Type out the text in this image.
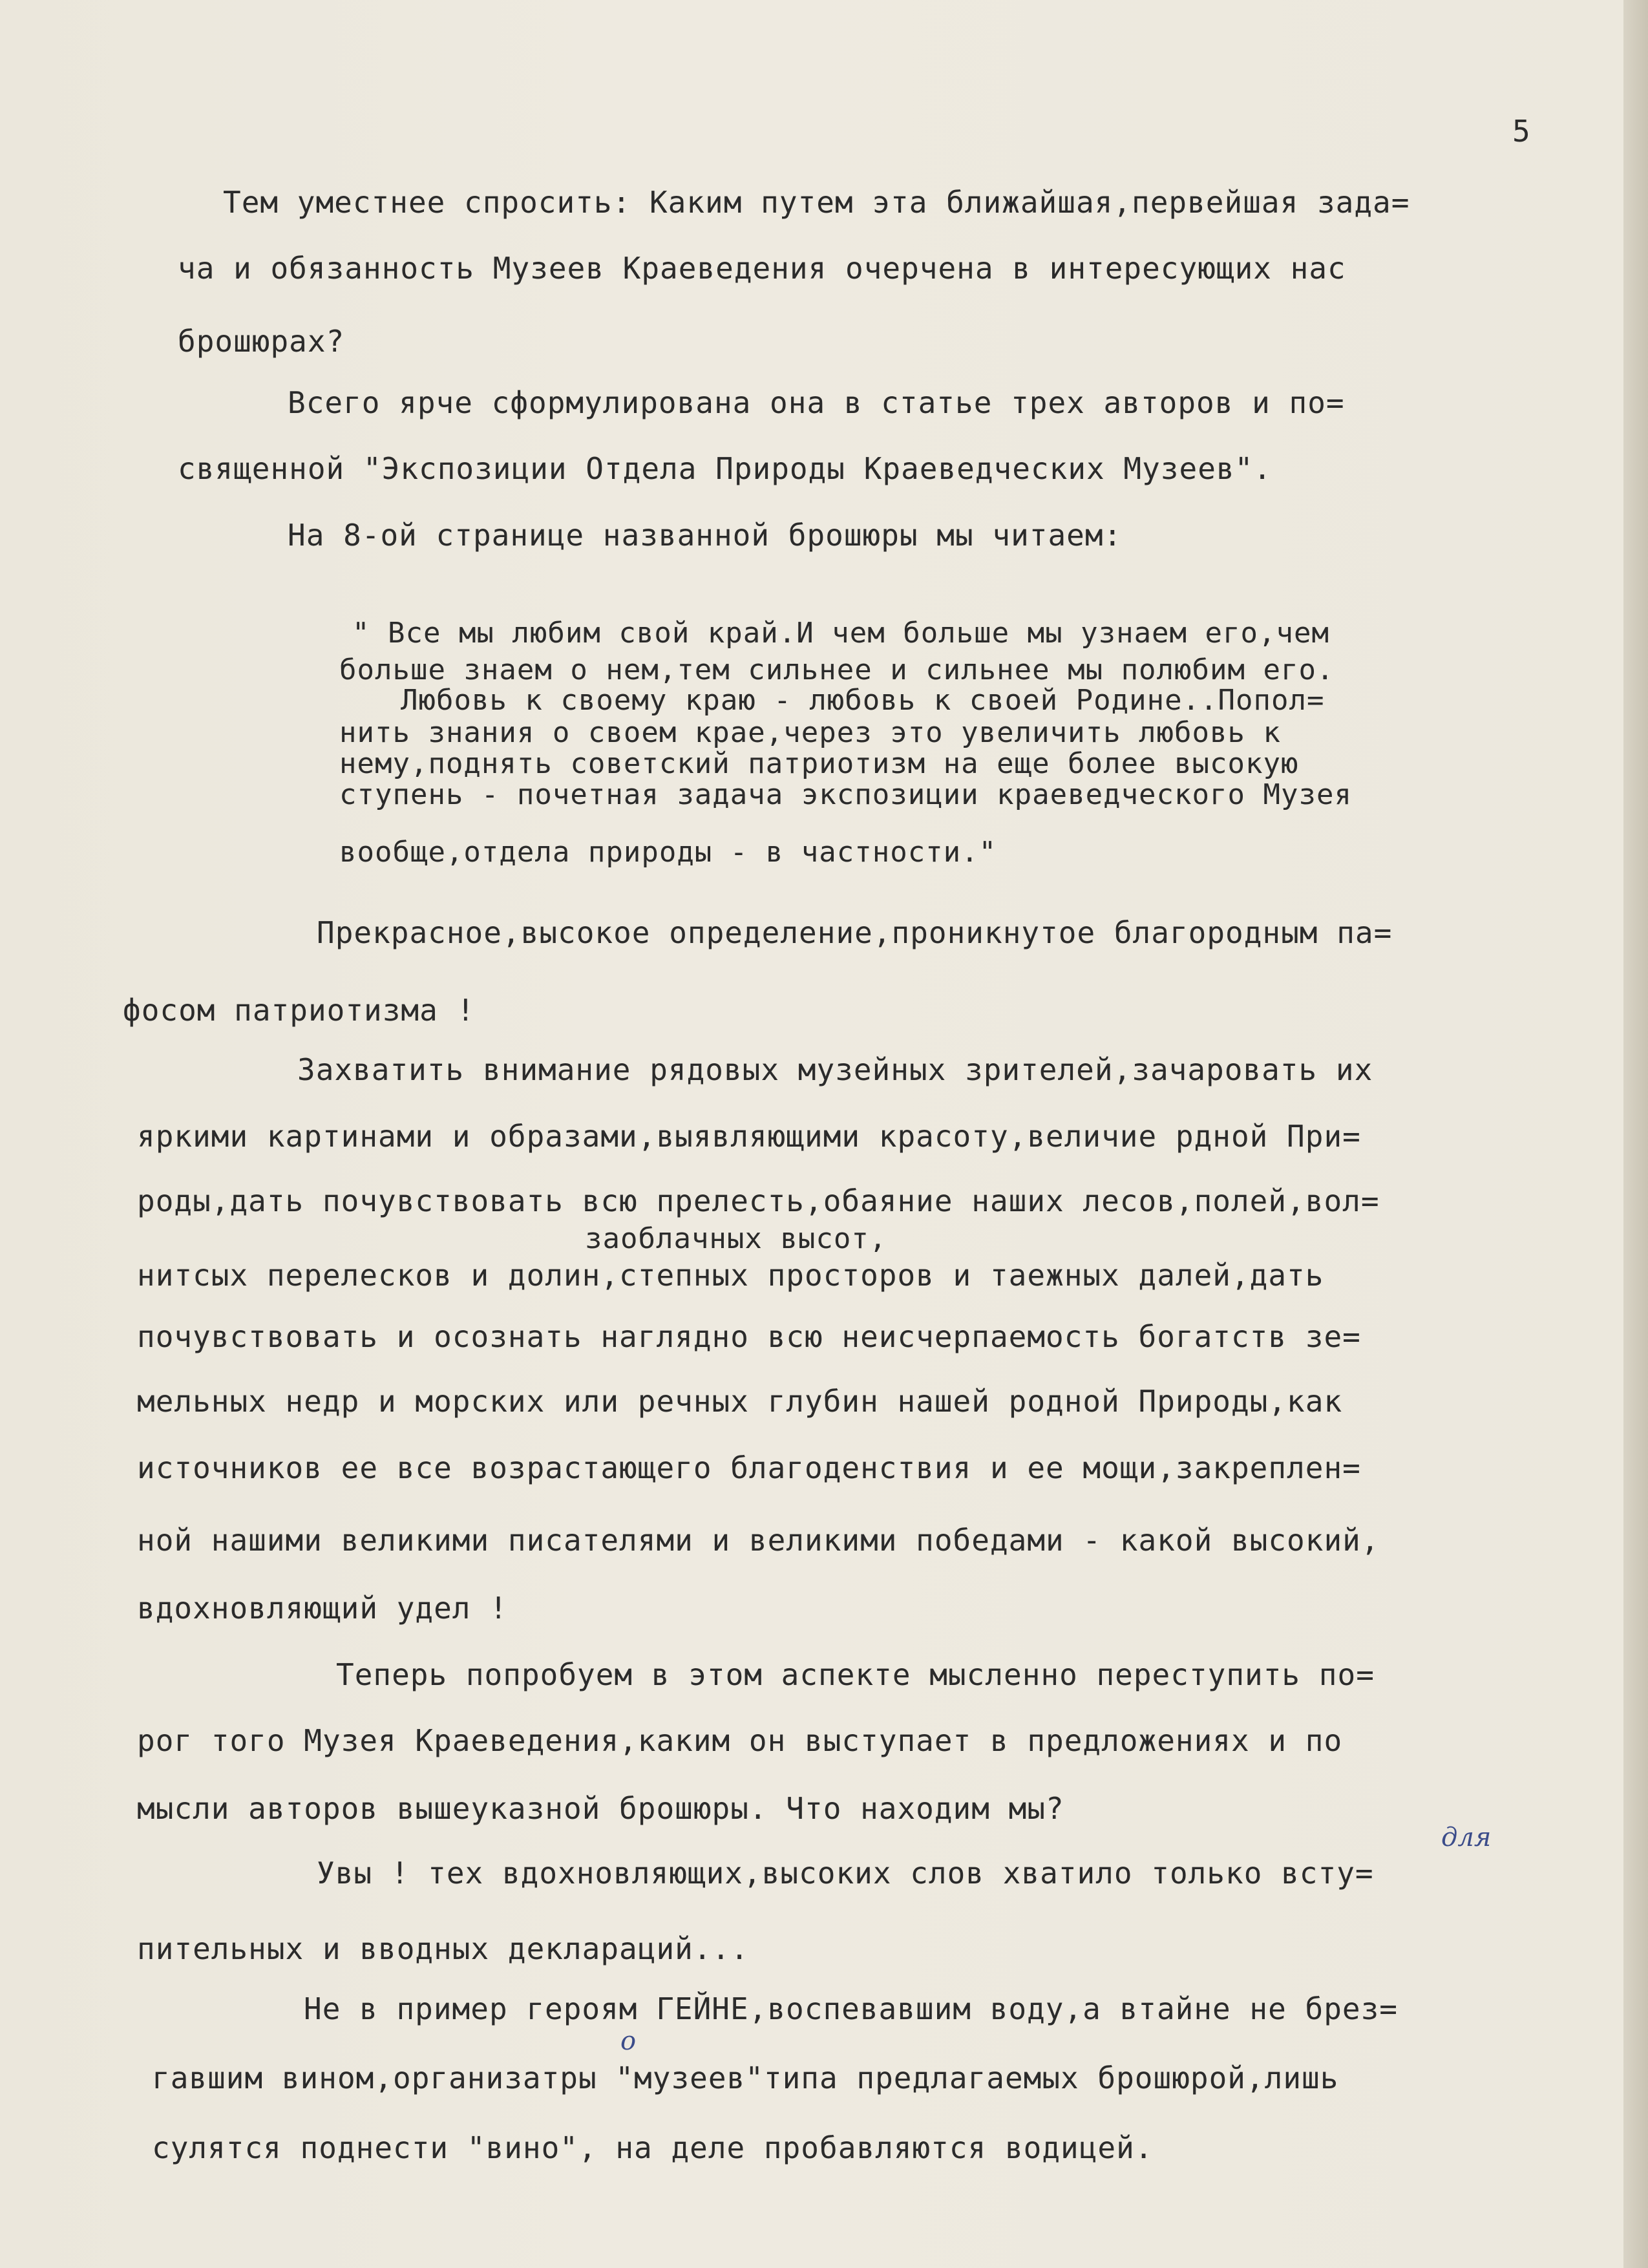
5
Тем уместнее спросить: Каким путем эта ближайшая,первейшая зада=
ча и обязанность Музеев Краеведения очерчена в интересующих нас
брошюрах?
Всего ярче сформулирована она в статье трех авторов и по=
священной "Экспозиции Отдела Природы Краеведческих Музеев".
На 8-ой странице названной брошюры мы читаем:
" Все мы любим свой край.И чем больше мы узнаем его,чем
больше знаем о нем,тем сильнее и сильнее мы полюбим его.
Любовь к своему краю - любовь к своей Родине..Попол=
нить знания о своем крае,через это увеличить любовь к
нему,поднять советский патриотизм на еще более высокую
ступень - почетная задача экспозиции краеведческого Музея
вообще,отдела природы - в частности."
Прекрасное,высокое определение,проникнутое благородным па=
фосом патриотизма !
Захватить внимание рядовых музейных зрителей,зачаровать их
яркими картинами и образами,выявляющими красоту,величие рдной При=
роды,дать почувствовать всю прелесть,обаяние наших лесов,полей,вол=
заоблачных высот,
нитсых перелесков и долин,степных просторов и таежных далей,дать
почувствовать и осознать наглядно всю неисчерпаемость богатств зе=
мельных недр и морских или речных глубин нашей родной Природы,как
источников ее все возрастающего благоденствия и ее мощи,закреплен=
ной нашими великими писателями и великими победами - какой высокий,
вдохновляющий удел !
Теперь попробуем в этом аспекте мысленно переступить по=
рог того Музея Краеведения,каким он выступает в предложениях и по
мысли авторов вышеуказной брошюры. Что находим мы?
для
Увы ! тех вдохновляющих,высоких слов хватило только всту=
пительных и вводных деклараций...
Не в пример героям ГЕЙНЕ,воспевавшим воду,а втайне не брез=
о
гавшим вином,организатры "музеев"типа предлагаемых брошюрой,лишь
сулятся поднести "вино", на деле пробавляются водицей.
